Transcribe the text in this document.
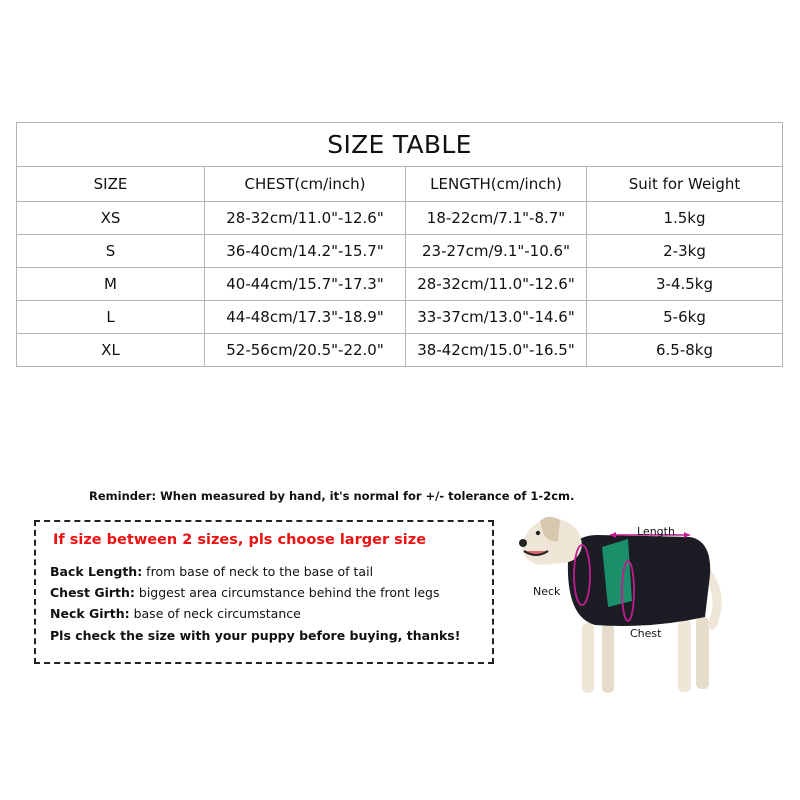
SIZE TABLE			
SIZE	CHEST(cm/inch)	LENGTH(cm/inch)	Suit for Weight
XS	28-32cm/11.0"-12.6"	18-22cm/7.1"-8.7"	1.5kg
S	36-40cm/14.2"-15.7"	23-27cm/9.1"-10.6"	2-3kg
M	40-44cm/15.7"-17.3"	28-32cm/11.0"-12.6"	3-4.5kg
L	44-48cm/17.3"-18.9"	33-37cm/13.0"-14.6"	5-6kg
XL	52-56cm/20.5"-22.0"	38-42cm/15.0"-16.5"	6.5-8kg
Reminder: When measured by hand, it's normal for +/- tolerance of 1-2cm.
If size between 2 sizes, pls choose larger size
Back Length: from base of neck to the base of tail
Chest Girth: biggest area circumstance behind the front legs
Neck Girth: base of neck circumstance
Pls check the size with your puppy before buying, thanks!
Length
Neck
Chest
